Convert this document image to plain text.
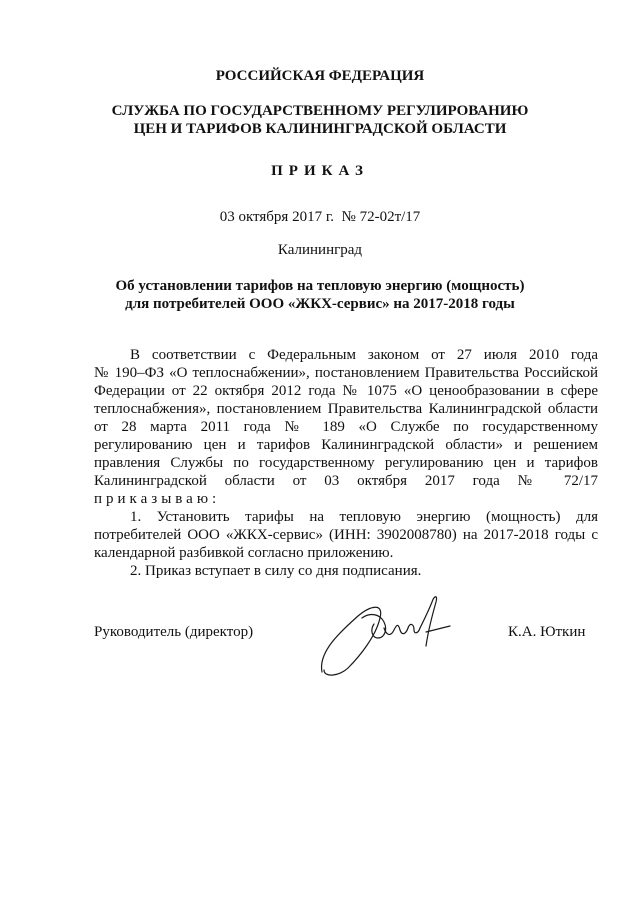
РОССИЙСКАЯ ФЕДЕРАЦИЯ
СЛУЖБА ПО ГОСУДАРСТВЕННОМУ РЕГУЛИРОВАНИЮ
ЦЕН И ТАРИФОВ КАЛИНИНГРАДСКОЙ ОБЛАСТИ
ПРИКАЗ
03 октября 2017 г.  № 72-02т/17
Калининград
Об установлении тарифов на тепловую энергию (мощность)
для потребителей ООО «ЖКХ-сервис» на 2017-2018 годы
В соответствии с Федеральным законом от 27 июля 2010 года
№ 190–ФЗ «О теплоснабжении», постановлением Правительства Российской
Федерации от 22 октября 2012 года № 1075 «О ценообразовании в сфере
теплоснабжения», постановлением Правительства Калининградской области
от 28 марта 2011 года № 189 «О Службе по государственному
регулированию цен и тарифов Калининградской области» и решением
правления Службы по государственному регулированию цен и тарифов
Калининградской области от 03 октября 2017 года № 72/17
приказываю:
1. Установить тарифы на тепловую энергию (мощность) для
потребителей ООО «ЖКХ-сервис» (ИНН: 3902008780) на 2017-2018 годы с
календарной разбивкой согласно приложению.
2. Приказ вступает в силу со дня подписания.
Руководитель (директор)	К.А. Юткин
